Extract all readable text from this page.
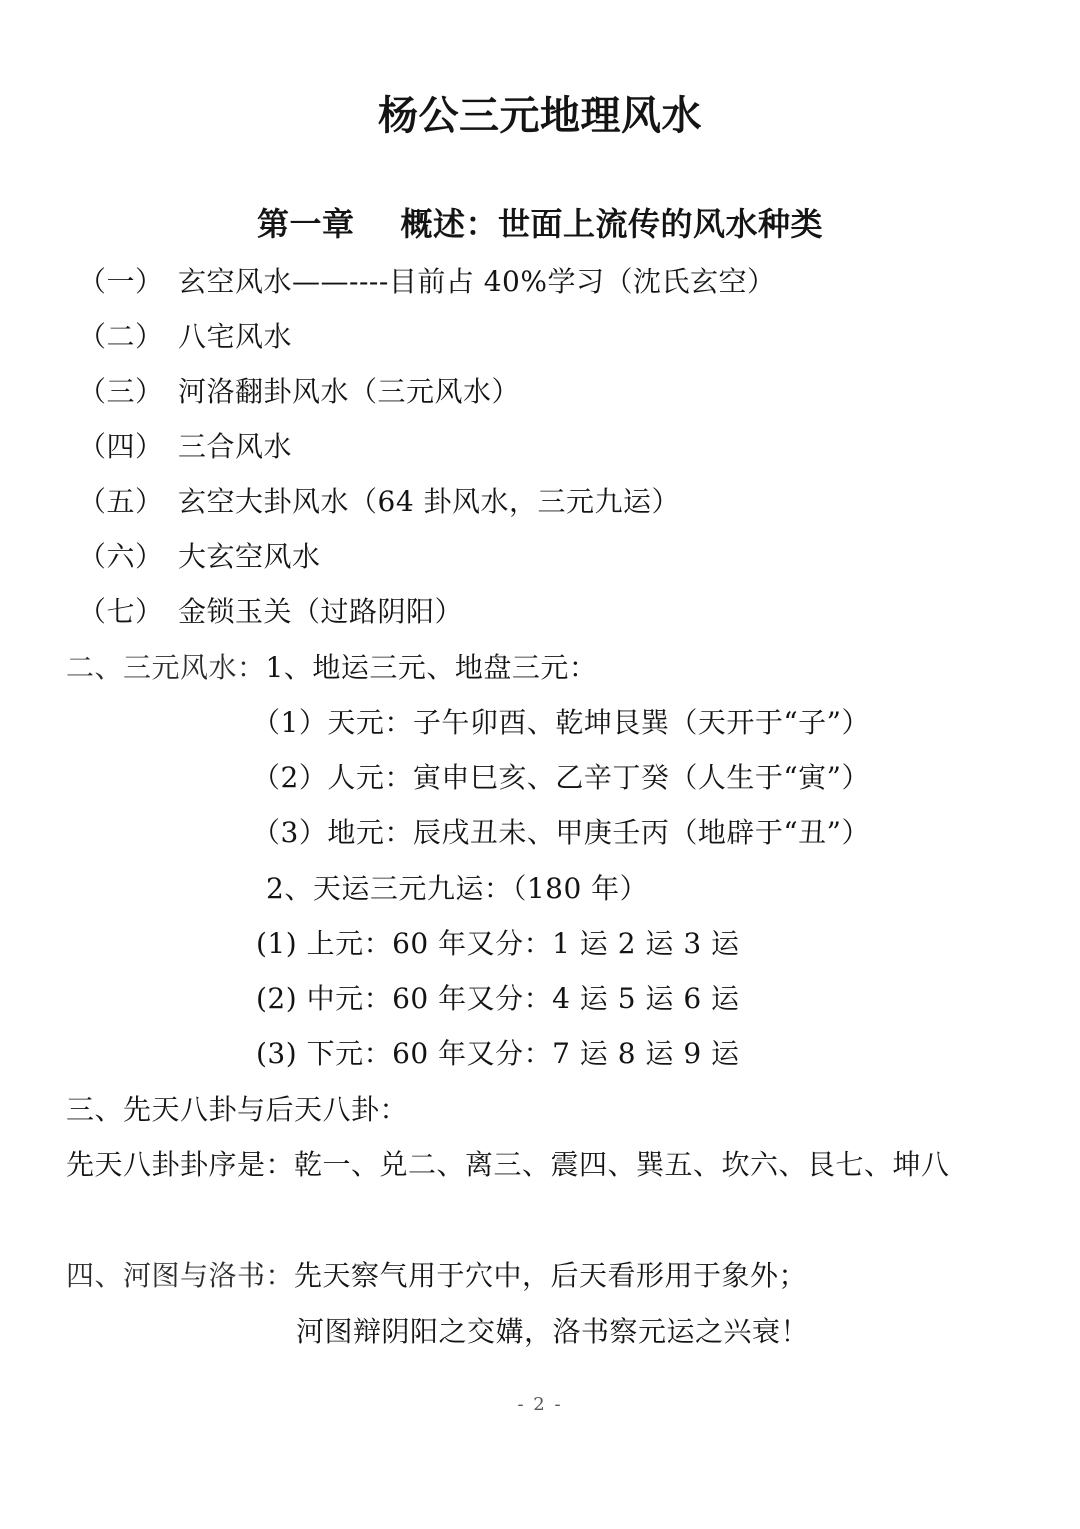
杨公三元地理风水
第一章 概述：世面上流传的风水种类
（一） 玄空风水——----目前占 40%学习（沈氏玄空）
（二） 八宅风水
（三） 河洛翻卦风水（三元风水）
（四） 三合风水
（五） 玄空大卦风水（64 卦风水，三元九运）
（六） 大玄空风水
（七） 金锁玉关（过路阴阳）
二、三元风水：1、地运三元、地盘三元：
（1）天元：子午卯酉、乾坤艮巽（天开于“子”）
（2）人元：寅申巳亥、乙辛丁癸（人生于“寅”）
（3）地元：辰戌丑未、甲庚壬丙（地辟于“丑”）
2、天运三元九运：（180 年）
(1) 上元：60 年又分：1 运 2 运 3 运
(2) 中元：60 年又分：4 运 5 运 6 运
(3) 下元：60 年又分：7 运 8 运 9 运
三、先天八卦与后天八卦：
先天八卦卦序是：乾一、兑二、离三、震四、巽五、坎六、艮七、坤八
四、河图与洛书：先天察气用于穴中，后天看形用于象外；
河图辩阴阳之交媾，洛书察元运之兴衰！
- 2 -
